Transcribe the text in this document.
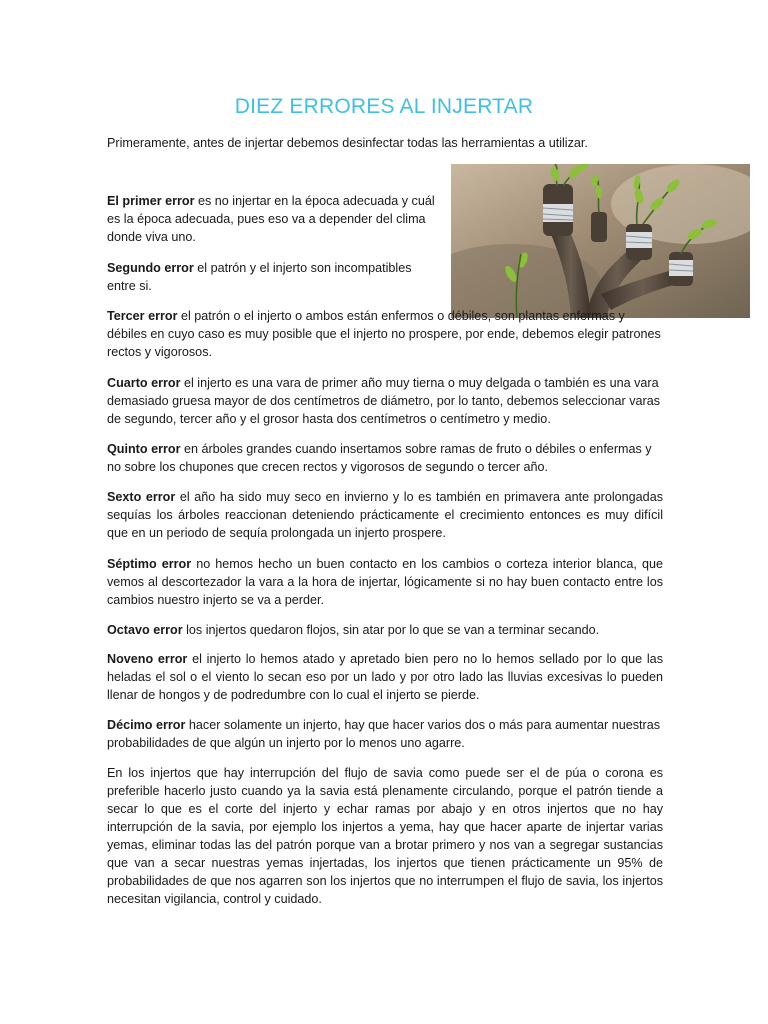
DIEZ ERRORES AL INJERTAR

Primeramente, antes de injertar debemos desinfectar todas las herramientas a utilizar.

El primer error es no injertar en la época adecuada y cuál es la época adecuada, pues eso va a depender del clima donde viva uno.

Segundo error el patrón y el injerto son incompatibles entre si.

Tercer error el patrón o el injerto o ambos están enfermos o débiles, son plantas enfermas y débiles en cuyo caso es muy posible que el injerto no prospere, por ende, debemos elegir patrones rectos y vigorosos.

Cuarto error el injerto es una vara de primer año muy tierna o muy delgada o también es una vara demasiado gruesa mayor de dos centímetros de diámetro, por lo tanto, debemos seleccionar varas de segundo, tercer año y el grosor hasta dos centímetros o centímetro y medio.

Quinto error en árboles grandes cuando insertamos sobre ramas de fruto o débiles o enfermas y no sobre los chupones que crecen rectos y vigorosos de segundo o tercer año.

Sexto error el año ha sido muy seco en invierno y lo es también en primavera ante prolongadas sequías los árboles reaccionan deteniendo prácticamente el crecimiento entonces es muy difícil que en un periodo de sequía prolongada un injerto prospere.

Séptimo error no hemos hecho un buen contacto en los cambios o corteza interior blanca, que vemos al descortezador la vara a la hora de injertar, lógicamente si no hay buen contacto entre los cambios nuestro injerto se va a perder.

Octavo error los injertos quedaron flojos, sin atar por lo que se van a terminar secando.

Noveno error el injerto lo hemos atado y apretado bien pero no lo hemos sellado por lo que las heladas el sol o el viento lo secan eso por un lado y por otro lado las lluvias excesivas lo pueden llenar de hongos y de podredumbre con lo cual el injerto se pierde.

Décimo error hacer solamente un injerto, hay que hacer varios dos o más para aumentar nuestras probabilidades de que algún un injerto por lo menos uno agarre.

En los injertos que hay interrupción del flujo de savia como puede ser el de púa o corona es preferible hacerlo justo cuando ya la savia está plenamente circulando, porque el patrón tiende a secar lo que es el corte del injerto y echar ramas por abajo y en otros injertos que no hay interrupción de la savia, por ejemplo los injertos a yema, hay que hacer aparte de injertar varias yemas, eliminar todas las del patrón porque van a brotar primero y nos van a segregar sustancias que van a secar nuestras yemas injertadas, los injertos que tienen prácticamente un 95% de probabilidades de que nos agarren son los injertos que no interrumpen el flujo de savia, los injertos necesitan vigilancia, control y cuidado.
